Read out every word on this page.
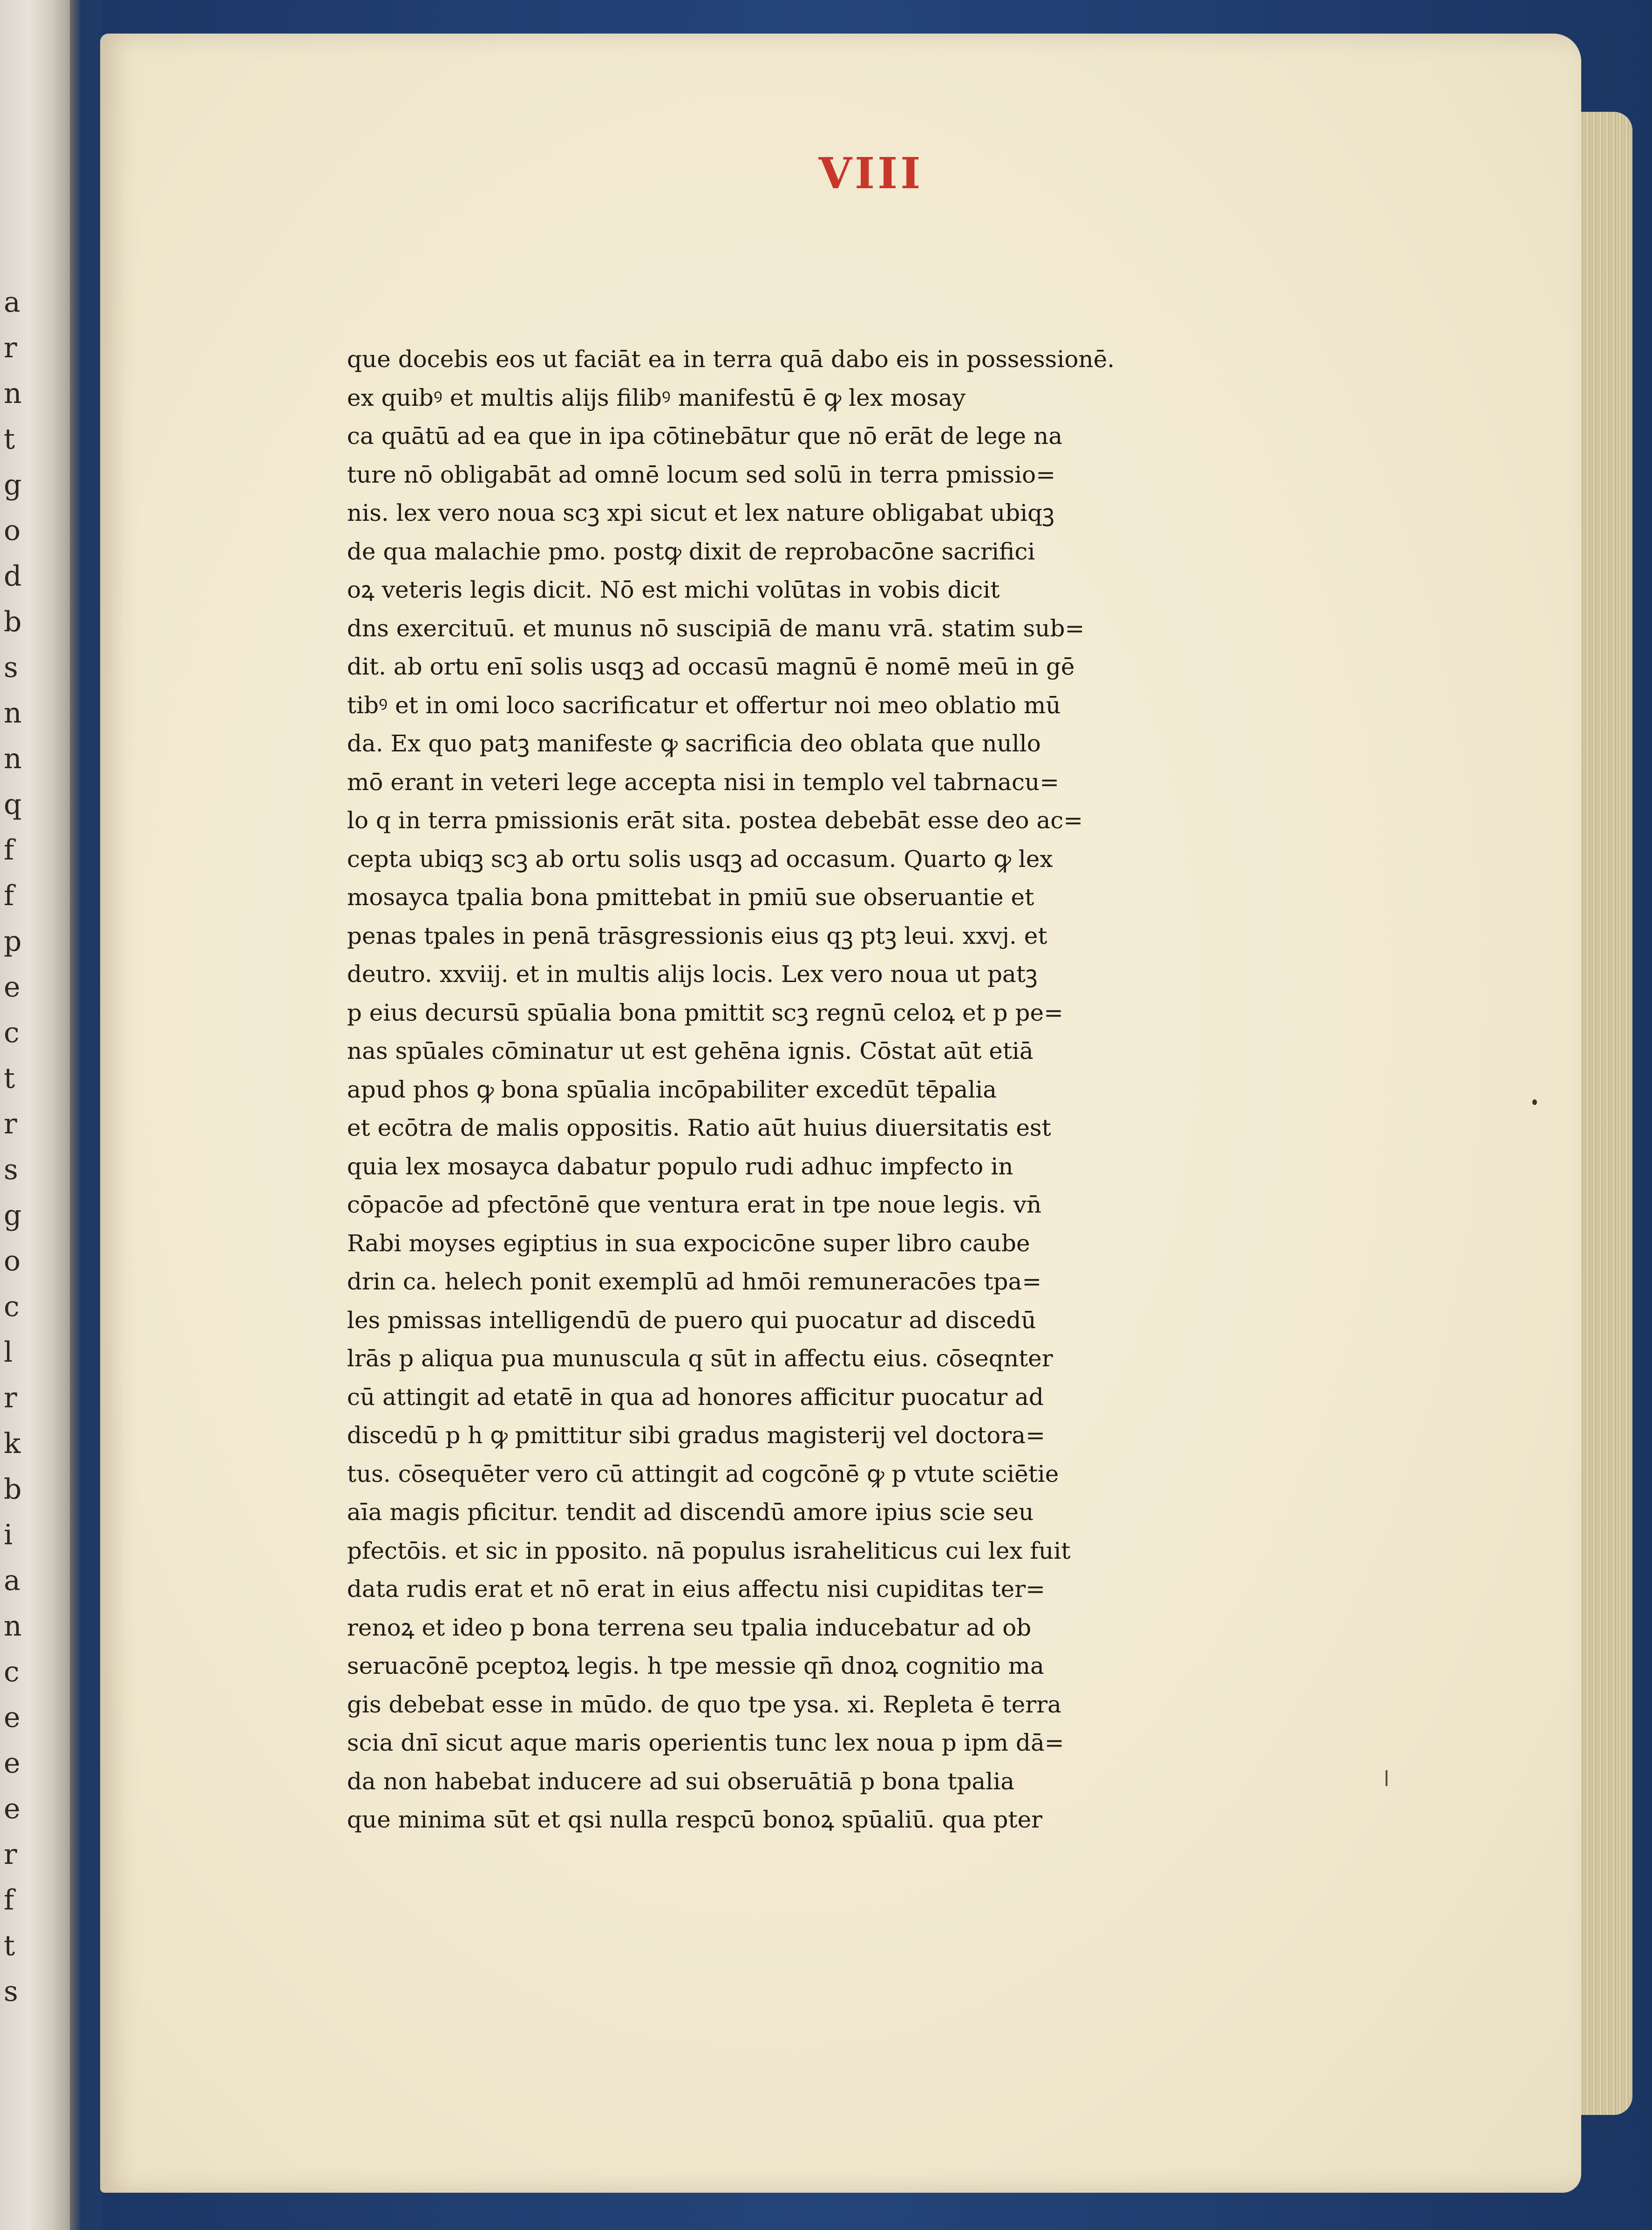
a
r
n
t
g
o
d
b
s
n
n
q
f
f
p
e
c
t
r
s
g
o
c
l
r
k
b
i
a
n
c
e
e
e
r
f
t
s
VIII
que docebis eos ut faciāt ea in terra quā dabo eis in possessionē.
ex quibꝰ et multis alijs filibꝰ manifestū ē ꝙ lex mosay
ca quātū ad ea que in ipa cōtinebātur que nō erāt de lege na
ture nō obligabāt ad omnē locum sed solū in terra pmissio=
nis. lex vero noua scꝫ xpi sicut et lex nature obligabat ubiqꝫ
de qua malachie pmo. postꝙ dixit de reprobacōne sacrifici
oꝝ veteris legis dicit. Nō est michi volūtas in vobis dicit
dns exercituū. et munus nō suscipiā de manu vrā. statim sub=
dit. ab ortu enī solis usqꝫ ad occasū magnū ē nomē meū in gē
tibꝰ et in omi loco sacrificatur et offertur noi meo oblatio mū
da. Ex quo patꝫ manifeste ꝙ sacrificia deo oblata que nullo
mō erant in veteri lege accepta nisi in templo vel tabrnacu=
lo q in terra pmissionis erāt sita. postea debebāt esse deo ac=
cepta ubiqꝫ scꝫ ab ortu solis usqꝫ ad occasum. Quarto ꝙ lex
mosayca tpalia bona pmittebat in pmiū sue obseruantie et
penas tpales in penā trāsgressionis eius qꝫ ptꝫ leui. xxvj. et
deutro. xxviij. et in multis alijs locis. Lex vero noua ut patꝫ
p eius decursū spūalia bona pmittit scꝫ regnū celoꝝ et p pe=
nas spūales cōminatur ut est gehēna ignis. Cōstat aūt etiā
apud phos ꝙ bona spūalia incōpabiliter excedūt tēpalia
et ecōtra de malis oppositis. Ratio aūt huius diuersitatis est
quia lex mosayca dabatur populo rudi adhuc impfecto in
cōpacōe ad pfectōnē que ventura erat in tpe noue legis. vn̄
Rabi moyses egiptius in sua expocicōne super libro caube
drin ca. helech ponit exemplū ad hmōi remuneracōes tpa=
les pmissas intelligendū de puero qui puocatur ad discedū
lrās p aliqua pua munuscula q sūt in affectu eius. cōseqnter
cū attingit ad etatē in qua ad honores afficitur puocatur ad
discedū p h ꝙ pmittitur sibi gradus magisterij vel doctora=
tus. cōsequēter vero cū attingit ad cogcōnē ꝙ p vtute sciētie
aīa magis pficitur. tendit ad discendū amore ipius scie seu
pfectōis. et sic in pposito. nā populus israheliticus cui lex fuit
data rudis erat et nō erat in eius affectu nisi cupiditas ter=
renoꝝ et ideo p bona terrena seu tpalia inducebatur ad ob
seruacōnē pceptoꝝ legis. h tpe messie qn̄ dnoꝝ cognitio ma
gis debebat esse in mūdo. de quo tpe ysa. xi. Repleta ē terra
scia dnī sicut aque maris operientis tunc lex noua p ipm dā=
da non habebat inducere ad sui obseruātiā p bona tpalia
que minima sūt et qsi nulla respcū bonoꝝ spūaliū. qua pter
